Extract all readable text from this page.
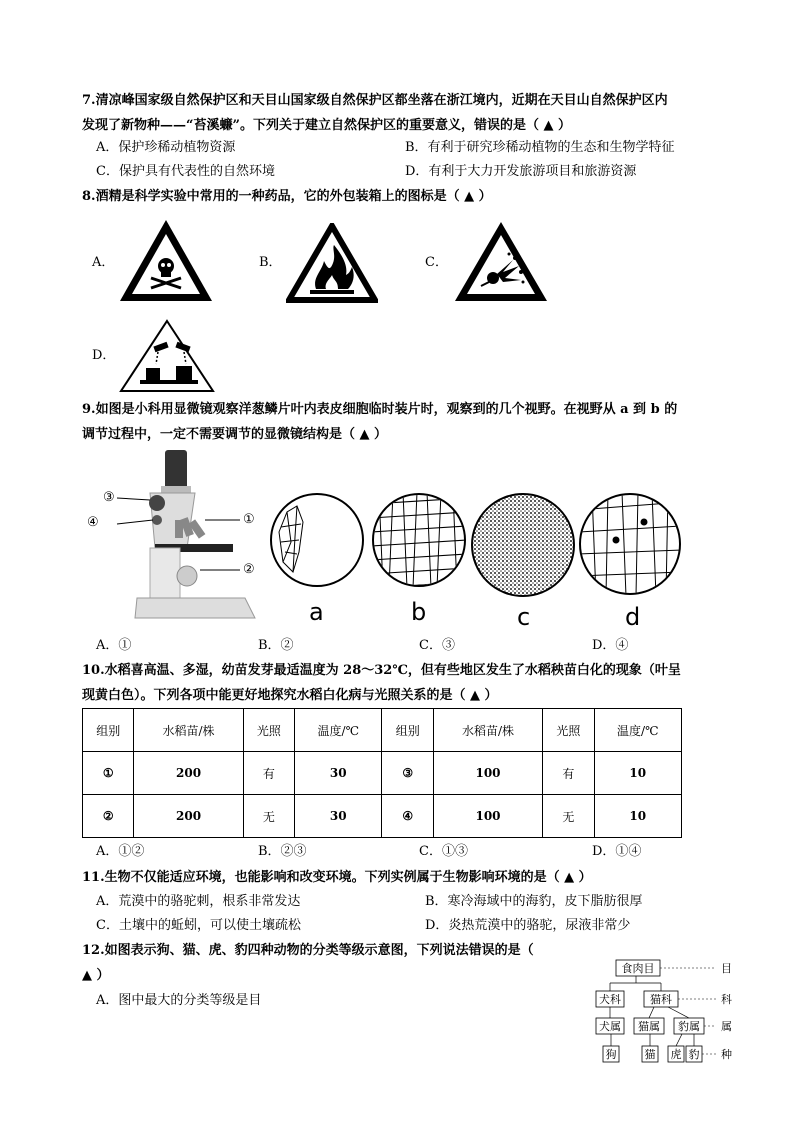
7.清凉峰国家级自然保护区和天目山国家级自然保护区都坐落在浙江境内，近期在天目山自然保护区内
发现了新物种——“苔溪蠊”。下列关于建立自然保护区的重要意义，错误的是（ ▲ ）
A．保护珍稀动植物资源	B．有利于研究珍稀动植物的生态和生物学特征
C．保护具有代表性的自然环境	D．有利于大力开发旅游项目和旅游资源
8.酒精是科学实验中常用的一种药品，它的外包装箱上的图标是（ ▲ ）
A．	B．	C．
D．
9.如图是小科用显微镜观察洋葱鳞片叶内表皮细胞临时装片时，观察到的几个视野。在视野从 a 到 b 的
调节过程中，一定不需要调节的显微镜结构是（ ▲ ）
③
④	①
②
a	b	c	d
A．①	B．②	C．③	D．④
10.水稻喜高温、多湿，幼苗发芽最适温度为 28～32℃，但有些地区发生了水稻秧苗白化的现象（叶呈
现黄白色）。下列各项中能更好地探究水稻白化病与光照关系的是（ ▲ ）
组别	水稻苗/株	光照	温度/℃	组别	水稻苗/株	光照	温度/℃
①	200	有	30	③	100	有	10
②	200	无	30	④	100	无	10
A．①②	B．②③	C．①③	D．①④
11.生物不仅能适应环境，也能影响和改变环境。下列实例属于生物影响环境的是（ ▲ ）
A．荒漠中的骆驼刺，根系非常发达	B．寒冷海域中的海豹，皮下脂肪很厚
C．土壤中的蚯蚓，可以使土壤疏松	D．炎热荒漠中的骆驼，尿液非常少
12.如图表示狗、猫、虎、豹四种动物的分类等级示意图，下列说法错误的是（
▲ ）
A．图中最大的分类等级是目
食肉目	目
犬科	猫科	科
犬属 猫属 豹属 属
狗	猫 虎 豹 种
